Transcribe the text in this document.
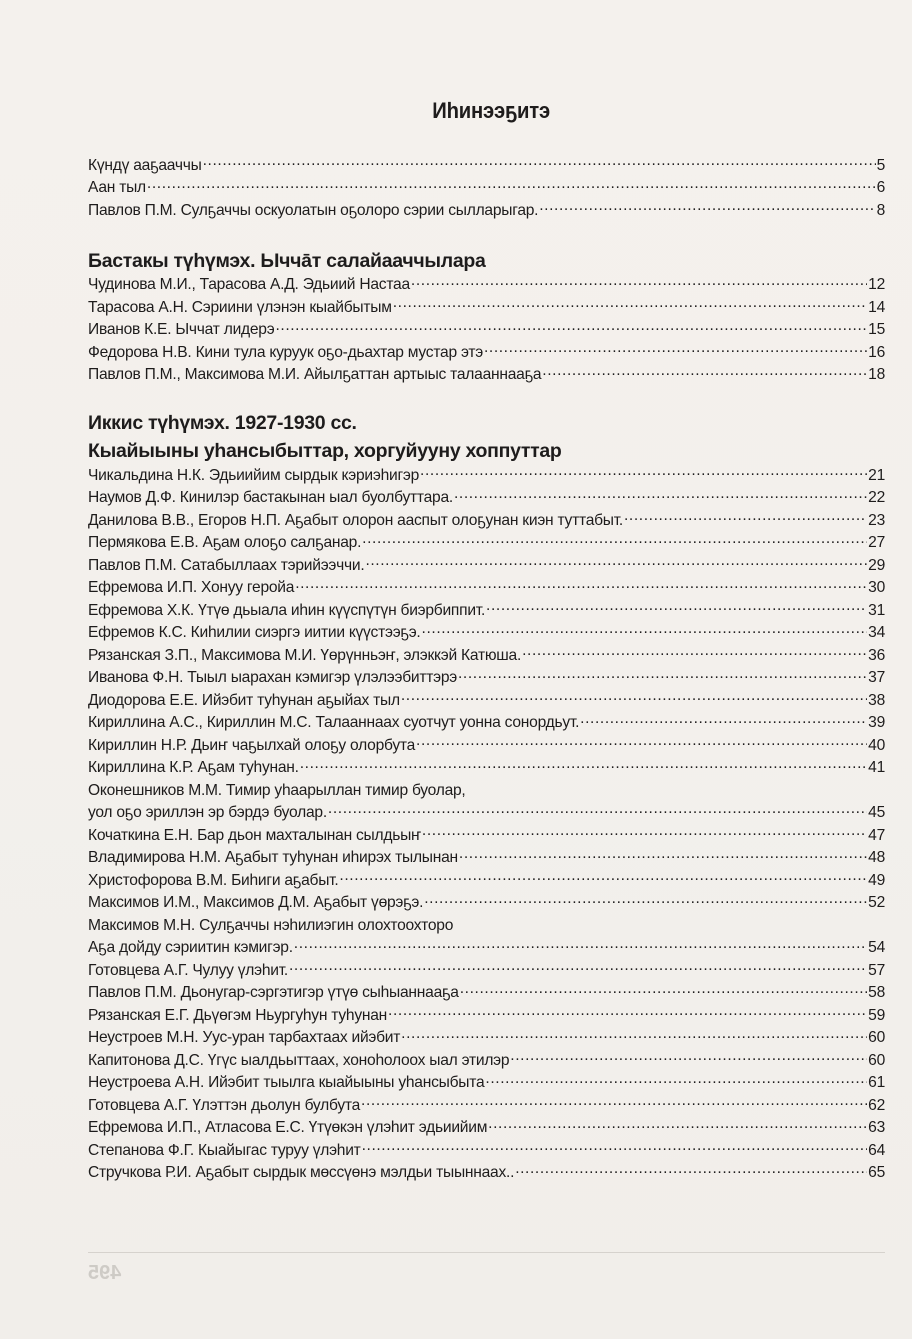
Иһинээҕитэ
Күндү ааҕааччы .....	5
Аан тыл .....	6
Павлов П.М. Сулҕаччы оскуолатын оҕолоро сэрии сылларыгар. .....	8
Бастакы түһүмэх. Ычча̄т салайааччылара
Чудинова М.И., Тарасова А.Д. Эдьиий Настаа .....	12
Тарасова А.Н. Сэриини үлэнэн кыайбытым .....	14
Иванов К.Е. Ыччат лидерэ .....	15
Федорова Н.В. Кини тула куруук оҕо-дьахтар мустар этэ .....	16
Павлов П.М., Максимова М.И. Айылҕаттан артыыс талааннааҕа .....	18
Иккис түһүмэх. 1927-1930 сс.
Кыайыыны уһансыбыттар, хоргуйууну хоппуттар
Чикальдина Н.К. Эдьиийим сырдык кэриэһигэр .....	21
Наумов Д.Ф. Кинилэр бастакынан ыал буолбуттара. .....	22
Данилова В.В., Егоров Н.П. Аҕабыт олорон ааспыт олоҕунан киэн туттабыт. .....	23
Пермякова Е.В. Аҕам олоҕо салҕанар. .....	27
Павлов П.М. Сатабыллаах тэрийээччи. .....	29
Ефремова И.П. Хонуу геройа .....	30
Ефремова Х.К. Үтүө дьыала иһин күүспүтүн биэрбиппит. .....	31
Ефремов К.С. Киһилии сиэргэ иитии күүстээҕэ. .....	34
Рязанская З.П., Максимова М.И. Үөрүнньэҥ, элэккэй Катюша. .....	36
Иванова Ф.Н. Тыыл ыарахан кэмигэр үлэлээбиттэрэ .....	37
Диодорова Е.Е. Ийэбит туһунан аҕыйах тыл .....	38
Кириллина А.С., Кириллин М.С. Талааннаах суотчут уонна сонордьут. .....	39
Кириллин Н.Р. Дьиҥ чаҕылхай олоҕу олорбута .....	40
Кириллина К.Р. Аҕам туһунан. .....	41
Оконешников М.М. Тимир уһаарыллан тимир буолар,
уол оҕо эриллэн эр бэрдэ буолар. .....	45
Кочаткина Е.Н. Бар дьон махталынан сылдьыҥ .....	47
Владимирова Н.М. Аҕабыт туһунан иһирэх тылынан .....	48
Христофорова В.М. Биһиги аҕабыт. .....	49
Максимов И.М., Максимов Д.М. Аҕабыт үөрэҕэ. .....	52
Максимов М.Н. Сулҕаччы нэһилиэгин олохтоохторо
Аҕа дойду сэриитин кэмигэр. .....	54
Готовцева А.Г. Чулуу үлэһит. .....	57
Павлов П.М. Дьонугар-сэргэтигэр үтүө сыһыаннааҕа .....	58
Рязанская Е.Г. Дьүөгэм Ньургуһун туһунан .....	59
Неустроев М.Н. Уус-уран тарбахтаах ийэбит .....	60
Капитонова Д.С. Үгүс ыалдьыттаах, хоноһолоох ыал этилэр .....	60
Неустроева А.Н. Ийэбит тыылга кыайыыны уһансыбыта .....	61
Готовцева А.Г. Үлэттэн дьолун булбута .....	62
Ефремова И.П., Атласова Е.С. Үтүөкэн үлэһит эдьиийим .....	63
Степанова Ф.Г. Кыайыгас туруу үлэһит .....	64
Стручкова Р.И. Аҕабыт сырдык мөссүөнэ мэлдьи тыыннаах.. .....	65
495
